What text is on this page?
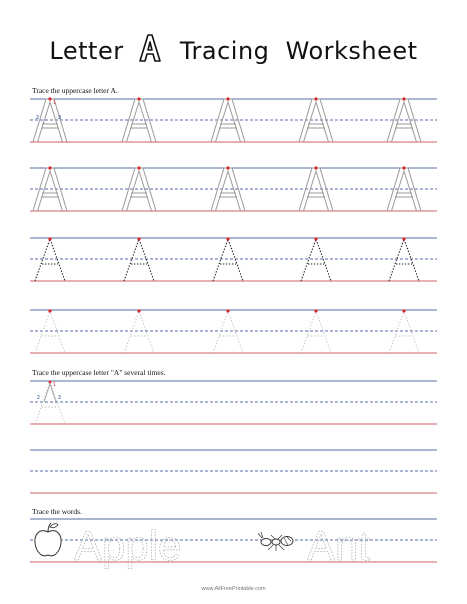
Letter Tracing  Worksheet
Trace the uppercase letter A.
Trace the uppercase letter "A" several times.
Trace the words.
1
2	3
1
2	3
Apple	Ant
www.AllFreePrintable.com
